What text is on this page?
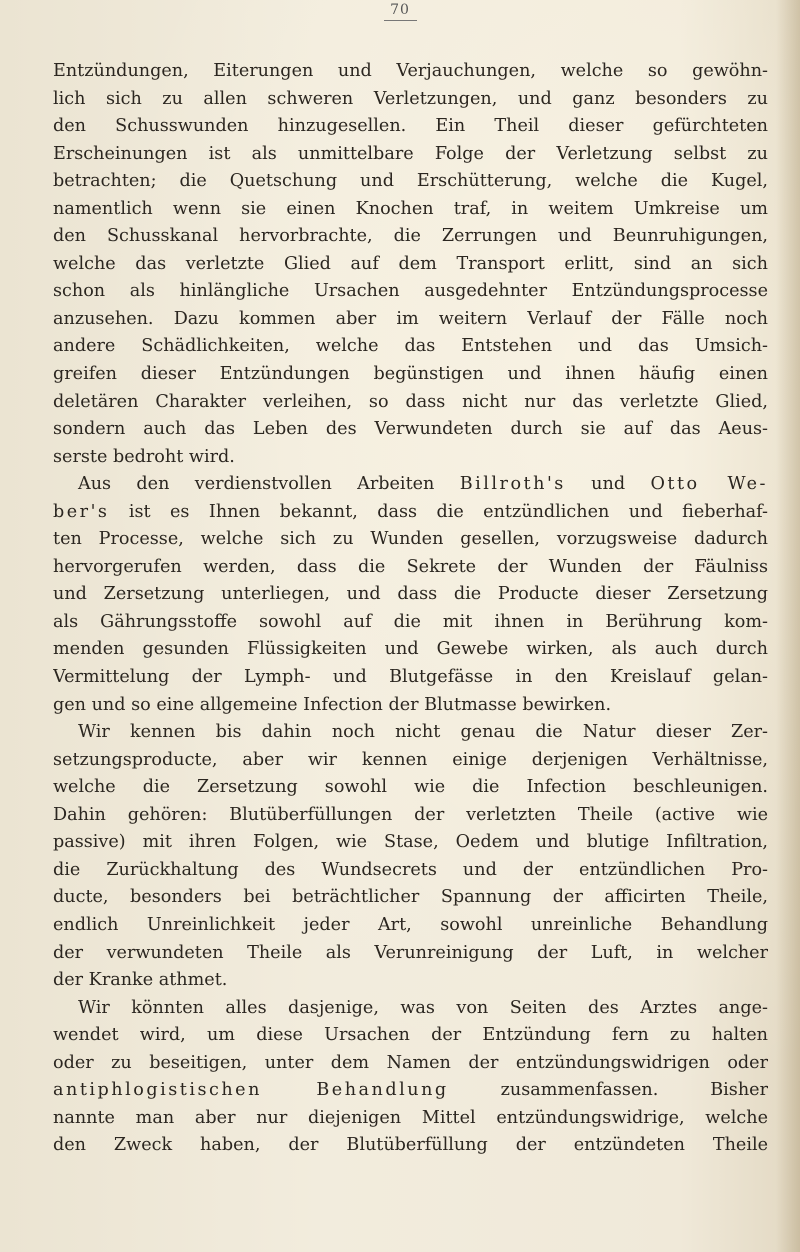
70
Entzündungen, Eiterungen und Verjauchungen, welche so gewöhn-
lich sich zu allen schweren Verletzungen, und ganz besonders zu
den Schusswunden hinzugesellen. Ein Theil dieser gefürchteten
Erscheinungen ist als unmittelbare Folge der Verletzung selbst zu
betrachten; die Quetschung und Erschütterung, welche die Kugel,
namentlich wenn sie einen Knochen traf, in weitem Umkreise um
den Schusskanal hervorbrachte, die Zerrungen und Beunruhigungen,
welche das verletzte Glied auf dem Transport erlitt, sind an sich
schon als hinlängliche Ursachen ausgedehnter Entzündungsprocesse
anzusehen. Dazu kommen aber im weitern Verlauf der Fälle noch
andere Schädlichkeiten, welche das Entstehen und das Umsich-
greifen dieser Entzündungen begünstigen und ihnen häufig einen
deletären Charakter verleihen, so dass nicht nur das verletzte Glied,
sondern auch das Leben des Verwundeten durch sie auf das Aeus-
serste bedroht wird.
Aus den verdienstvollen Arbeiten Billroth's und Otto We-
ber's ist es Ihnen bekannt, dass die entzündlichen und fieberhaf-
ten Processe, welche sich zu Wunden gesellen, vorzugsweise dadurch
hervorgerufen werden, dass die Sekrete der Wunden der Fäulniss
und Zersetzung unterliegen, und dass die Producte dieser Zersetzung
als Gährungsstoffe sowohl auf die mit ihnen in Berührung kom-
menden gesunden Flüssigkeiten und Gewebe wirken, als auch durch
Vermittelung der Lymph- und Blutgefässe in den Kreislauf gelan-
gen und so eine allgemeine Infection der Blutmasse bewirken.
Wir kennen bis dahin noch nicht genau die Natur dieser Zer-
setzungsproducte, aber wir kennen einige derjenigen Verhältnisse,
welche die Zersetzung sowohl wie die Infection beschleunigen.
Dahin gehören: Blutüberfüllungen der verletzten Theile (active wie
passive) mit ihren Folgen, wie Stase, Oedem und blutige Infiltration,
die Zurückhaltung des Wundsecrets und der entzündlichen Pro-
ducte, besonders bei beträchtlicher Spannung der afficirten Theile,
endlich Unreinlichkeit jeder Art, sowohl unreinliche Behandlung
der verwundeten Theile als Verunreinigung der Luft, in welcher
der Kranke athmet.
Wir könnten alles dasjenige, was von Seiten des Arztes ange-
wendet wird, um diese Ursachen der Entzündung fern zu halten
oder zu beseitigen, unter dem Namen der entzündungswidrigen oder
antiphlogistischen Behandlung zusammenfassen. Bisher
nannte man aber nur diejenigen Mittel entzündungswidrige, welche
den Zweck haben, der Blutüberfüllung der entzündeten Theile
